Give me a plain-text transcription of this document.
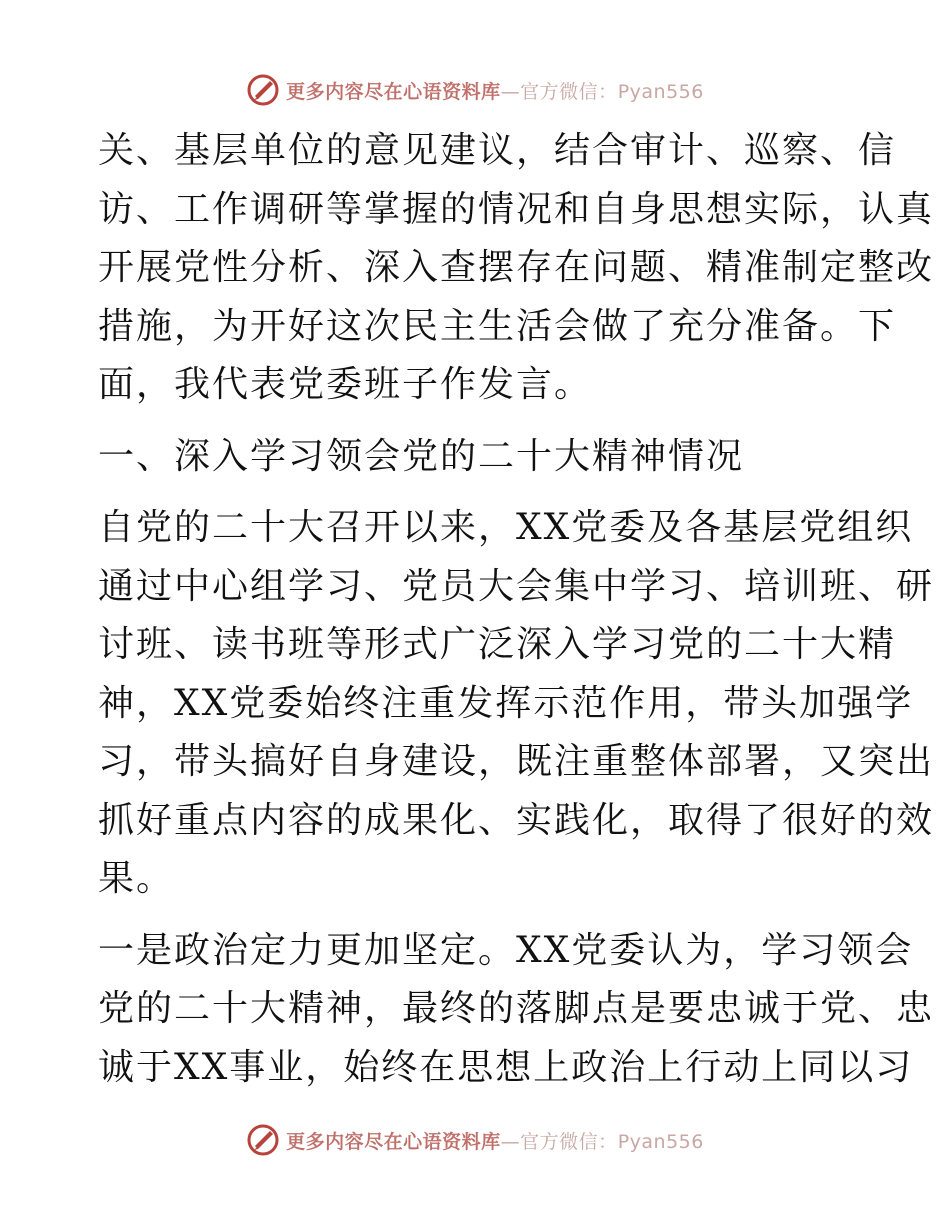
更多内容尽在心语资料库—官方微信：Pyan556

关、基层单位的意见建议，结合审计、巡察、信
访、工作调研等掌握的情况和自身思想实际，认真
开展党性分析、深入查摆存在问题、精准制定整改
措施，为开好这次民主生活会做了充分准备。下
面，我代表党委班子作发言。

一、深入学习领会党的二十大精神情况

自党的二十大召开以来，XX党委及各基层党组织
通过中心组学习、党员大会集中学习、培训班、研
讨班、读书班等形式广泛深入学习党的二十大精
神，XX党委始终注重发挥示范作用，带头加强学
习，带头搞好自身建设，既注重整体部署，又突出
抓好重点内容的成果化、实践化，取得了很好的效
果。

一是政治定力更加坚定。XX党委认为，学习领会
党的二十大精神，最终的落脚点是要忠诚于党、忠
诚于XX事业，始终在思想上政治上行动上同以习

更多内容尽在心语资料库—官方微信：Pyan556
